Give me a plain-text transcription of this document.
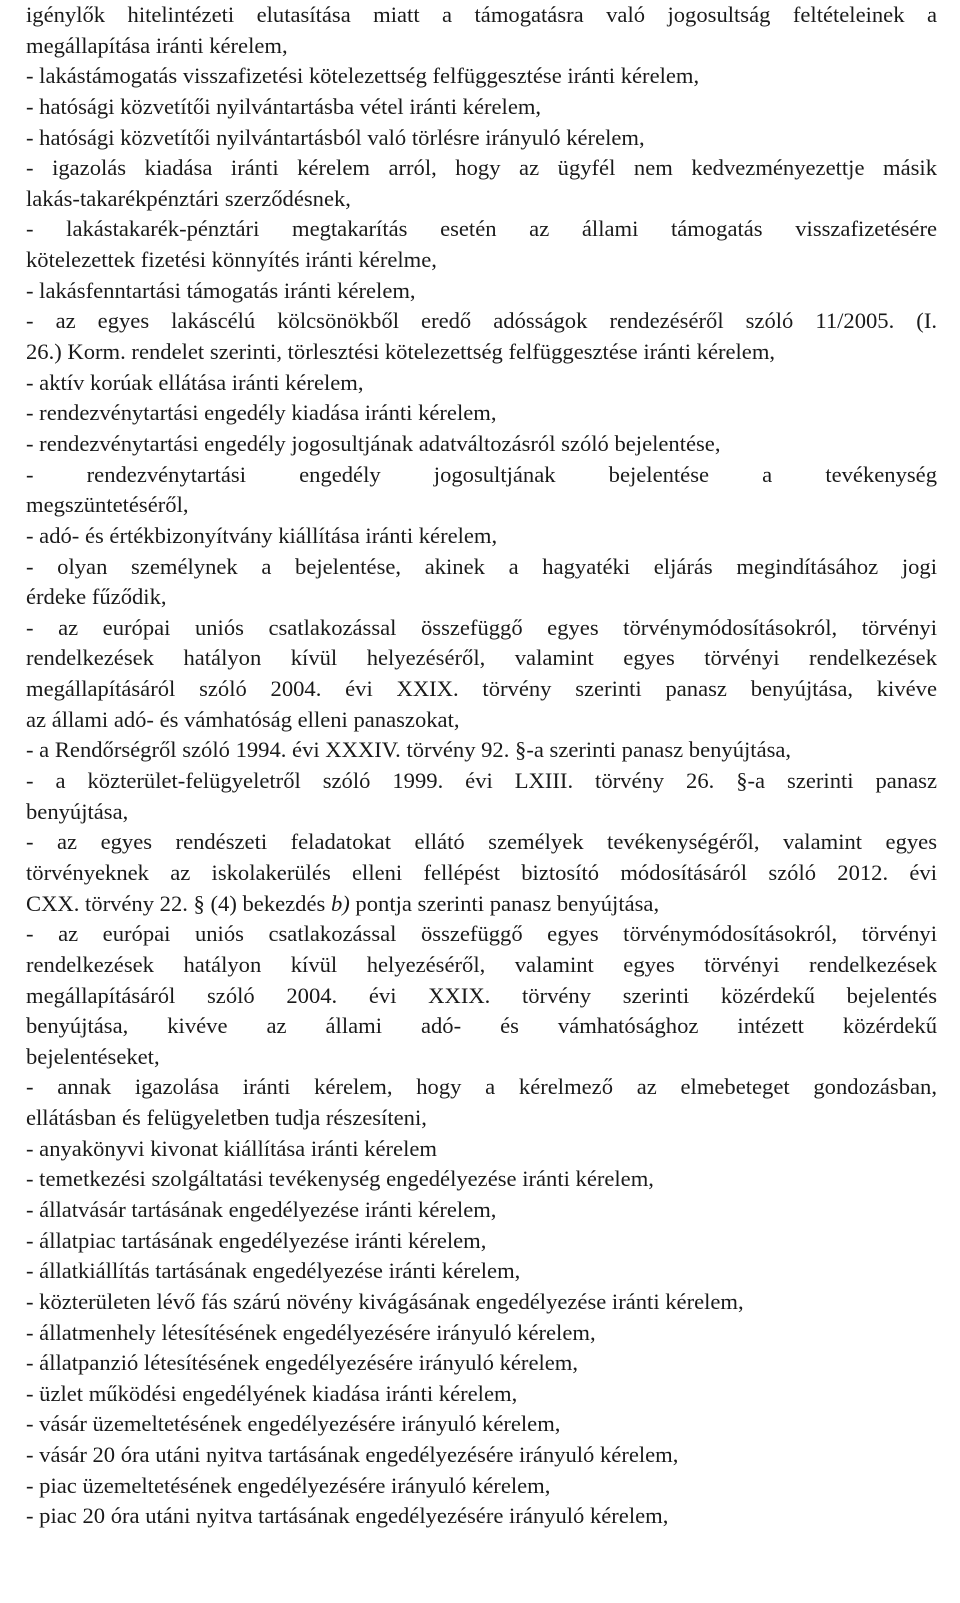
igénylők hitelintézeti elutasítása miatt a támogatásra való jogosultság feltételeinek a
megállapítása iránti kérelem,
- lakástámogatás visszafizetési kötelezettség felfüggesztése iránti kérelem,
- hatósági közvetítői nyilvántartásba vétel iránti kérelem,
- hatósági közvetítői nyilvántartásból való törlésre irányuló kérelem,
- igazolás kiadása iránti kérelem arról, hogy az ügyfél nem kedvezményezettje másik
lakás-takarékpénztári szerződésnek,
- lakástakarék-pénztári megtakarítás esetén az állami támogatás visszafizetésére
kötelezettek fizetési könnyítés iránti kérelme,
- lakásfenntartási támogatás iránti kérelem,
- az egyes lakáscélú kölcsönökből eredő adósságok rendezéséről szóló 11/2005. (I.
26.) Korm. rendelet szerinti, törlesztési kötelezettség felfüggesztése iránti kérelem,
- aktív korúak ellátása iránti kérelem,
- rendezvénytartási engedély kiadása iránti kérelem,
- rendezvénytartási engedély jogosultjának adatváltozásról szóló bejelentése,
- rendezvénytartási engedély jogosultjának bejelentése a tevékenység
megszüntetéséről,
- adó- és értékbizonyítvány kiállítása iránti kérelem,
- olyan személynek a bejelentése, akinek a hagyatéki eljárás megindításához jogi
érdeke fűződik,
- az európai uniós csatlakozással összefüggő egyes törvénymódosításokról, törvényi
rendelkezések hatályon kívül helyezéséről, valamint egyes törvényi rendelkezések
megállapításáról szóló 2004. évi XXIX. törvény szerinti panasz benyújtása, kivéve
az állami adó- és vámhatóság elleni panaszokat,
- a Rendőrségről szóló 1994. évi XXXIV. törvény 92. §-a szerinti panasz benyújtása,
- a közterület-felügyeletről szóló 1999. évi LXIII. törvény 26. §-a szerinti panasz
benyújtása,
- az egyes rendészeti feladatokat ellátó személyek tevékenységéről, valamint egyes
törvényeknek az iskolakerülés elleni fellépést biztosító módosításáról szóló 2012. évi
CXX. törvény 22. § (4) bekezdés b) pontja szerinti panasz benyújtása,
- az európai uniós csatlakozással összefüggő egyes törvénymódosításokról, törvényi
rendelkezések hatályon kívül helyezéséről, valamint egyes törvényi rendelkezések
megállapításáról szóló 2004. évi XXIX. törvény szerinti közérdekű bejelentés
benyújtása, kivéve az állami adó- és vámhatósághoz intézett közérdekű
bejelentéseket,
- annak igazolása iránti kérelem, hogy a kérelmező az elmebeteget gondozásban,
ellátásban és felügyeletben tudja részesíteni,
- anyakönyvi kivonat kiállítása iránti kérelem
- temetkezési szolgáltatási tevékenység engedélyezése iránti kérelem,
- állatvásár tartásának engedélyezése iránti kérelem,
- állatpiac tartásának engedélyezése iránti kérelem,
- állatkiállítás tartásának engedélyezése iránti kérelem,
- közterületen lévő fás szárú növény kivágásának engedélyezése iránti kérelem,
- állatmenhely létesítésének engedélyezésére irányuló kérelem,
- állatpanzió létesítésének engedélyezésére irányuló kérelem,
- üzlet működési engedélyének kiadása iránti kérelem,
- vásár üzemeltetésének engedélyezésére irányuló kérelem,
- vásár 20 óra utáni nyitva tartásának engedélyezésére irányuló kérelem,
- piac üzemeltetésének engedélyezésére irányuló kérelem,
- piac 20 óra utáni nyitva tartásának engedélyezésére irányuló kérelem,
